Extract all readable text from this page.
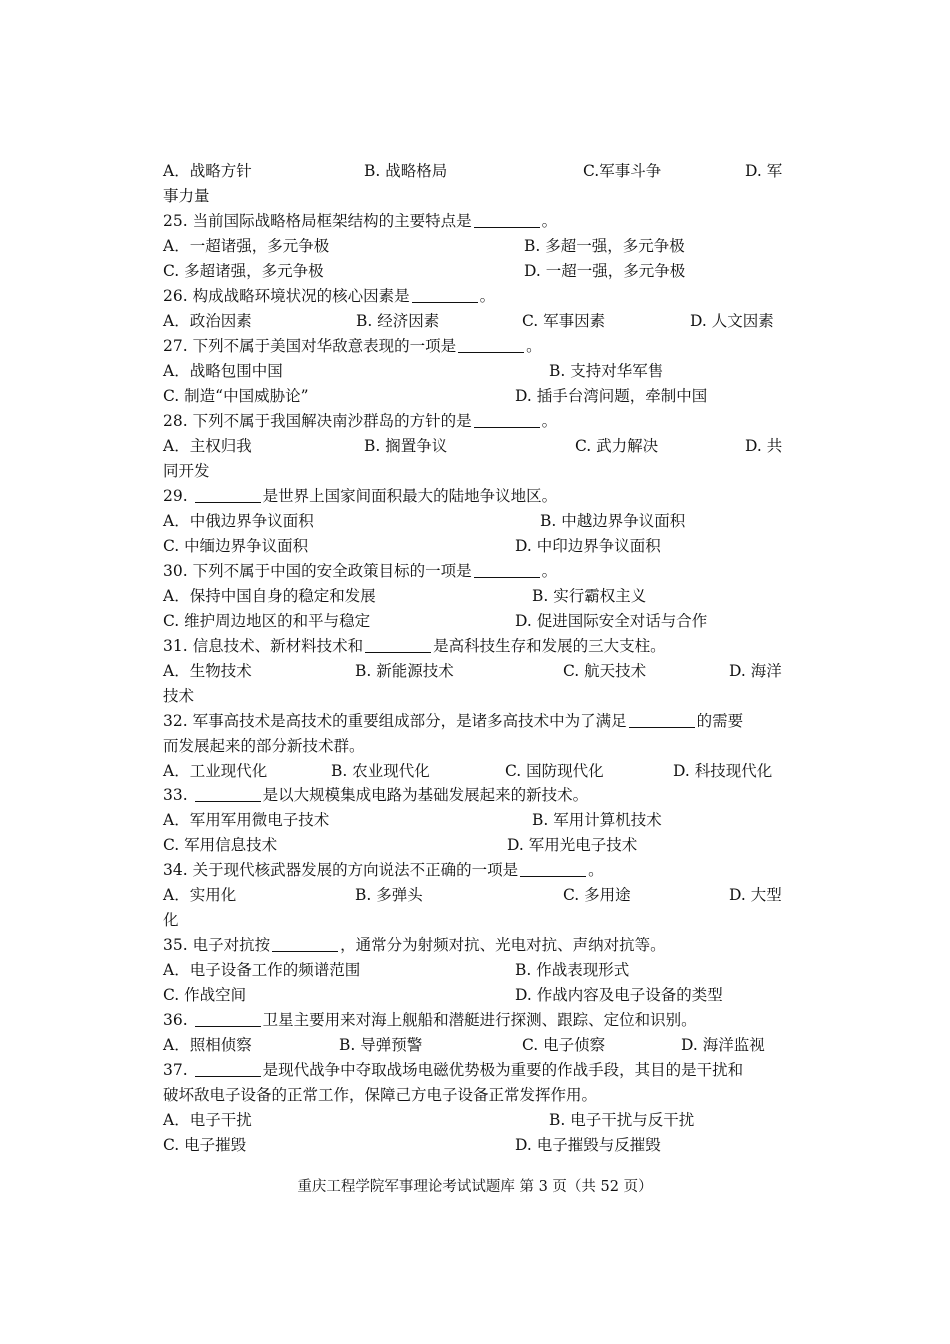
A．战略方针	B. 战略格局	C.军事斗争	D. 军
事力量
25. 当前国际战略格局框架结构的主要特点是	。
A．一超诸强，多元争极	B. 多超一强，多元争极
C. 多超诸强，多元争极	D. 一超一强，多元争极
26. 构成战略环境状况的核心因素是	。
A．政治因素	B. 经济因素	C. 军事因素	D. 人文因素
27. 下列不属于美国对华敌意表现的一项是	。
A．战略包围中国	B. 支持对华军售
C. 制造“中国威胁论”	D. 插手台湾问题，牵制中国
28. 下列不属于我国解决南沙群岛的方针的是	。
A．主权归我	B. 搁置争议	C. 武力解决	D. 共
同开发
29.	是世界上国家间面积最大的陆地争议地区。
A．中俄边界争议面积	B. 中越边界争议面积
C. 中缅边界争议面积	D. 中印边界争议面积
30. 下列不属于中国的安全政策目标的一项是	。
A．保持中国自身的稳定和发展	B. 实行霸权主义
C. 维护周边地区的和平与稳定	D. 促进国际安全对话与合作
31. 信息技术、新材料技术和	是高科技生存和发展的三大支柱。
A．生物技术	B. 新能源技术	C. 航天技术	D. 海洋
技术
32. 军事高技术是高技术的重要组成部分，是诸多高技术中为了满足	的需要
而发展起来的部分新技术群。
A．工业现代化	B. 农业现代化	C. 国防现代化	D. 科技现代化
33.	是以大规模集成电路为基础发展起来的新技术。
A．军用军用微电子技术	B. 军用计算机技术
C. 军用信息技术	D. 军用光电子技术
34. 关于现代核武器发展的方向说法不正确的一项是	。
A．实用化	B. 多弹头	C. 多用途	D. 大型
化
35. 电子对抗按	，通常分为射频对抗、光电对抗、声纳对抗等。
A．电子设备工作的频谱范围	B. 作战表现形式
C. 作战空间	D. 作战内容及电子设备的类型
36.	卫星主要用来对海上舰船和潜艇进行探测、跟踪、定位和识别。
A．照相侦察	B. 导弹预警	C. 电子侦察	D. 海洋监视
37.	是现代战争中夺取战场电磁优势极为重要的作战手段，其目的是干扰和
破坏敌电子设备的正常工作，保障己方电子设备正常发挥作用。
A．电子干扰	B. 电子干扰与反干扰
C. 电子摧毁	D. 电子摧毁与反摧毁
重庆工程学院军事理论考试试题库 第 3 页（共 52 页）
